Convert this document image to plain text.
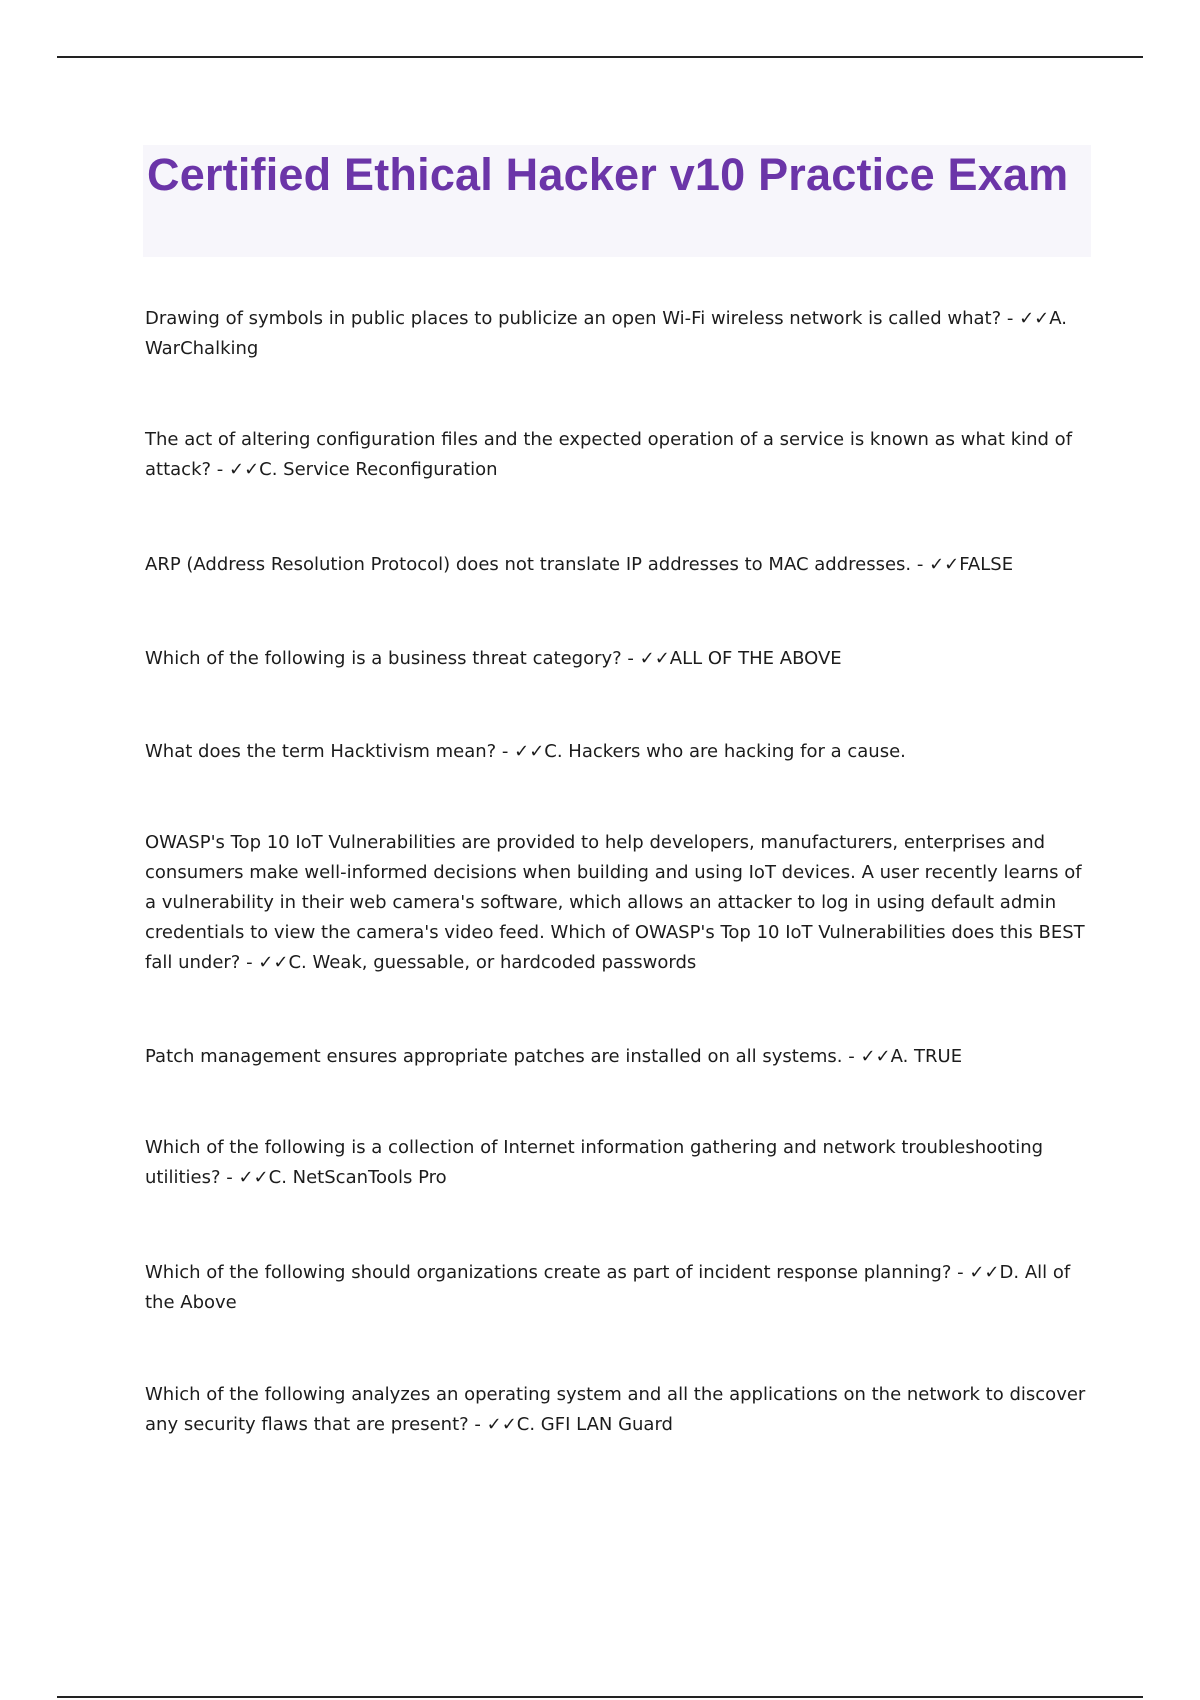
Certified Ethical Hacker v10 Practice Exam

Drawing of symbols in public places to publicize an open Wi-Fi wireless network is called what? - ✓✓A. WarChalking

The act of altering configuration files and the expected operation of a service is known as what kind of attack? - ✓✓C. Service Reconfiguration

ARP (Address Resolution Protocol) does not translate IP addresses to MAC addresses. - ✓✓FALSE

Which of the following is a business threat category? - ✓✓ALL OF THE ABOVE

What does the term Hacktivism mean? - ✓✓C. Hackers who are hacking for a cause.

OWASP's Top 10 IoT Vulnerabilities are provided to help developers, manufacturers, enterprises and consumers make well-informed decisions when building and using IoT devices. A user recently learns of a vulnerability in their web camera's software, which allows an attacker to log in using default admin credentials to view the camera's video feed. Which of OWASP's Top 10 IoT Vulnerabilities does this BEST fall under? - ✓✓C. Weak, guessable, or hardcoded passwords

Patch management ensures appropriate patches are installed on all systems. - ✓✓A. TRUE

Which of the following is a collection of Internet information gathering and network troubleshooting utilities? - ✓✓C. NetScanTools Pro

Which of the following should organizations create as part of incident response planning? - ✓✓D. All of the Above

Which of the following analyzes an operating system and all the applications on the network to discover any security flaws that are present? - ✓✓C. GFI LAN Guard
